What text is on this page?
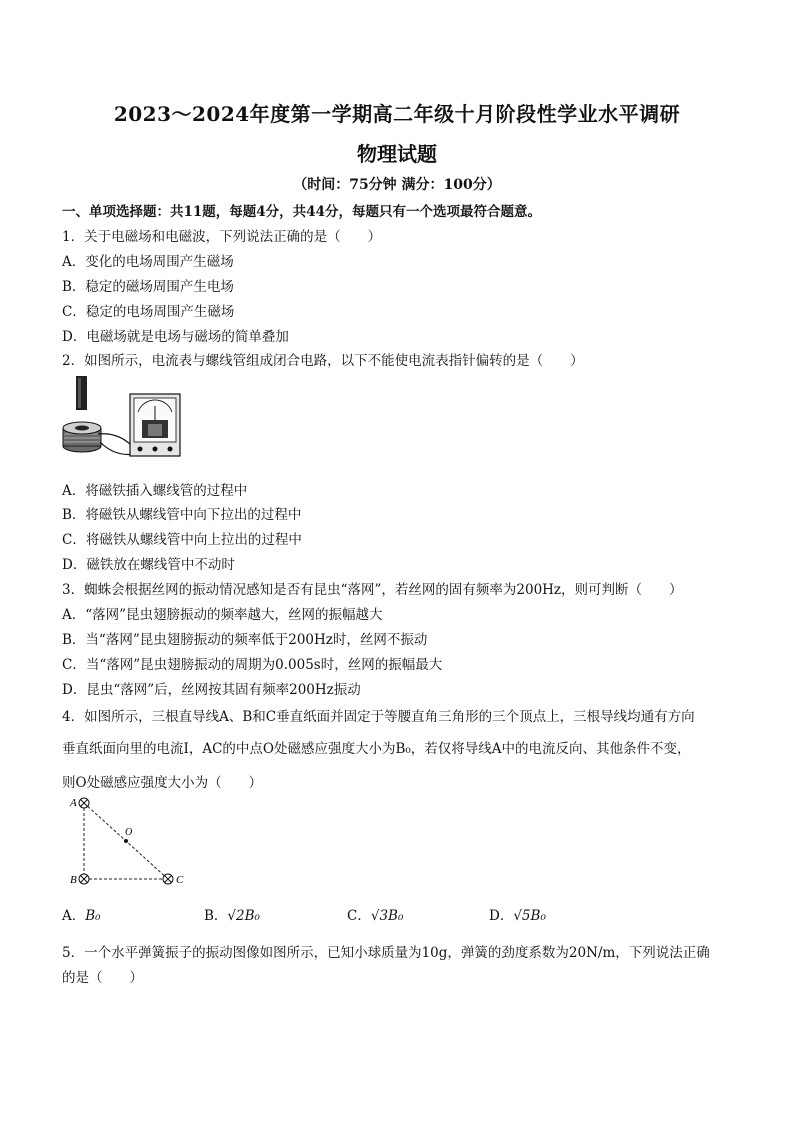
2023～2024年度第一学期高二年级十月阶段性学业水平调研
物理试题
（时间：75分钟 满分：100分）
一、单项选择题：共11题，每题4分，共44分，每题只有一个选项最符合题意。
1．关于电磁场和电磁波，下列说法正确的是（　　）
A．变化的电场周围产生磁场
B．稳定的磁场周围产生电场
C．稳定的电场周围产生磁场
D．电磁场就是电场与磁场的简单叠加
2．如图所示，电流表与螺线管组成闭合电路，以下不能使电流表指针偏转的是（　　）
A．将磁铁插入螺线管的过程中
B．将磁铁从螺线管中向下拉出的过程中
C．将磁铁从螺线管中向上拉出的过程中
D．磁铁放在螺线管中不动时
3．蜘蛛会根据丝网的振动情况感知是否有昆虫“落网”，若丝网的固有频率为200Hz，则可判断（　　）
A．“落网”昆虫翅膀振动的频率越大，丝网的振幅越大
B．当“落网”昆虫翅膀振动的频率低于200Hz时，丝网不振动
C．当“落网”昆虫翅膀振动的周期为0.005s时，丝网的振幅最大
D．昆虫“落网”后，丝网按其固有频率200Hz振动
4．如图所示，三根直导线A、B和C垂直纸面并固定于等腰直角三角形的三个顶点上，三根导线均通有方向
垂直纸面向里的电流I，AC的中点O处磁感应强度大小为B₀，若仅将导线A中的电流反向、其他条件不变，
则O处磁感应强度大小为（　　）
A
B	C
O
A．B₀	B．√2B₀	C．√3B₀	D．√5B₀
5．一个水平弹簧振子的振动图像如图所示，已知小球质量为10g，弹簧的劲度系数为20N/m，下列说法正确
的是（　　）
